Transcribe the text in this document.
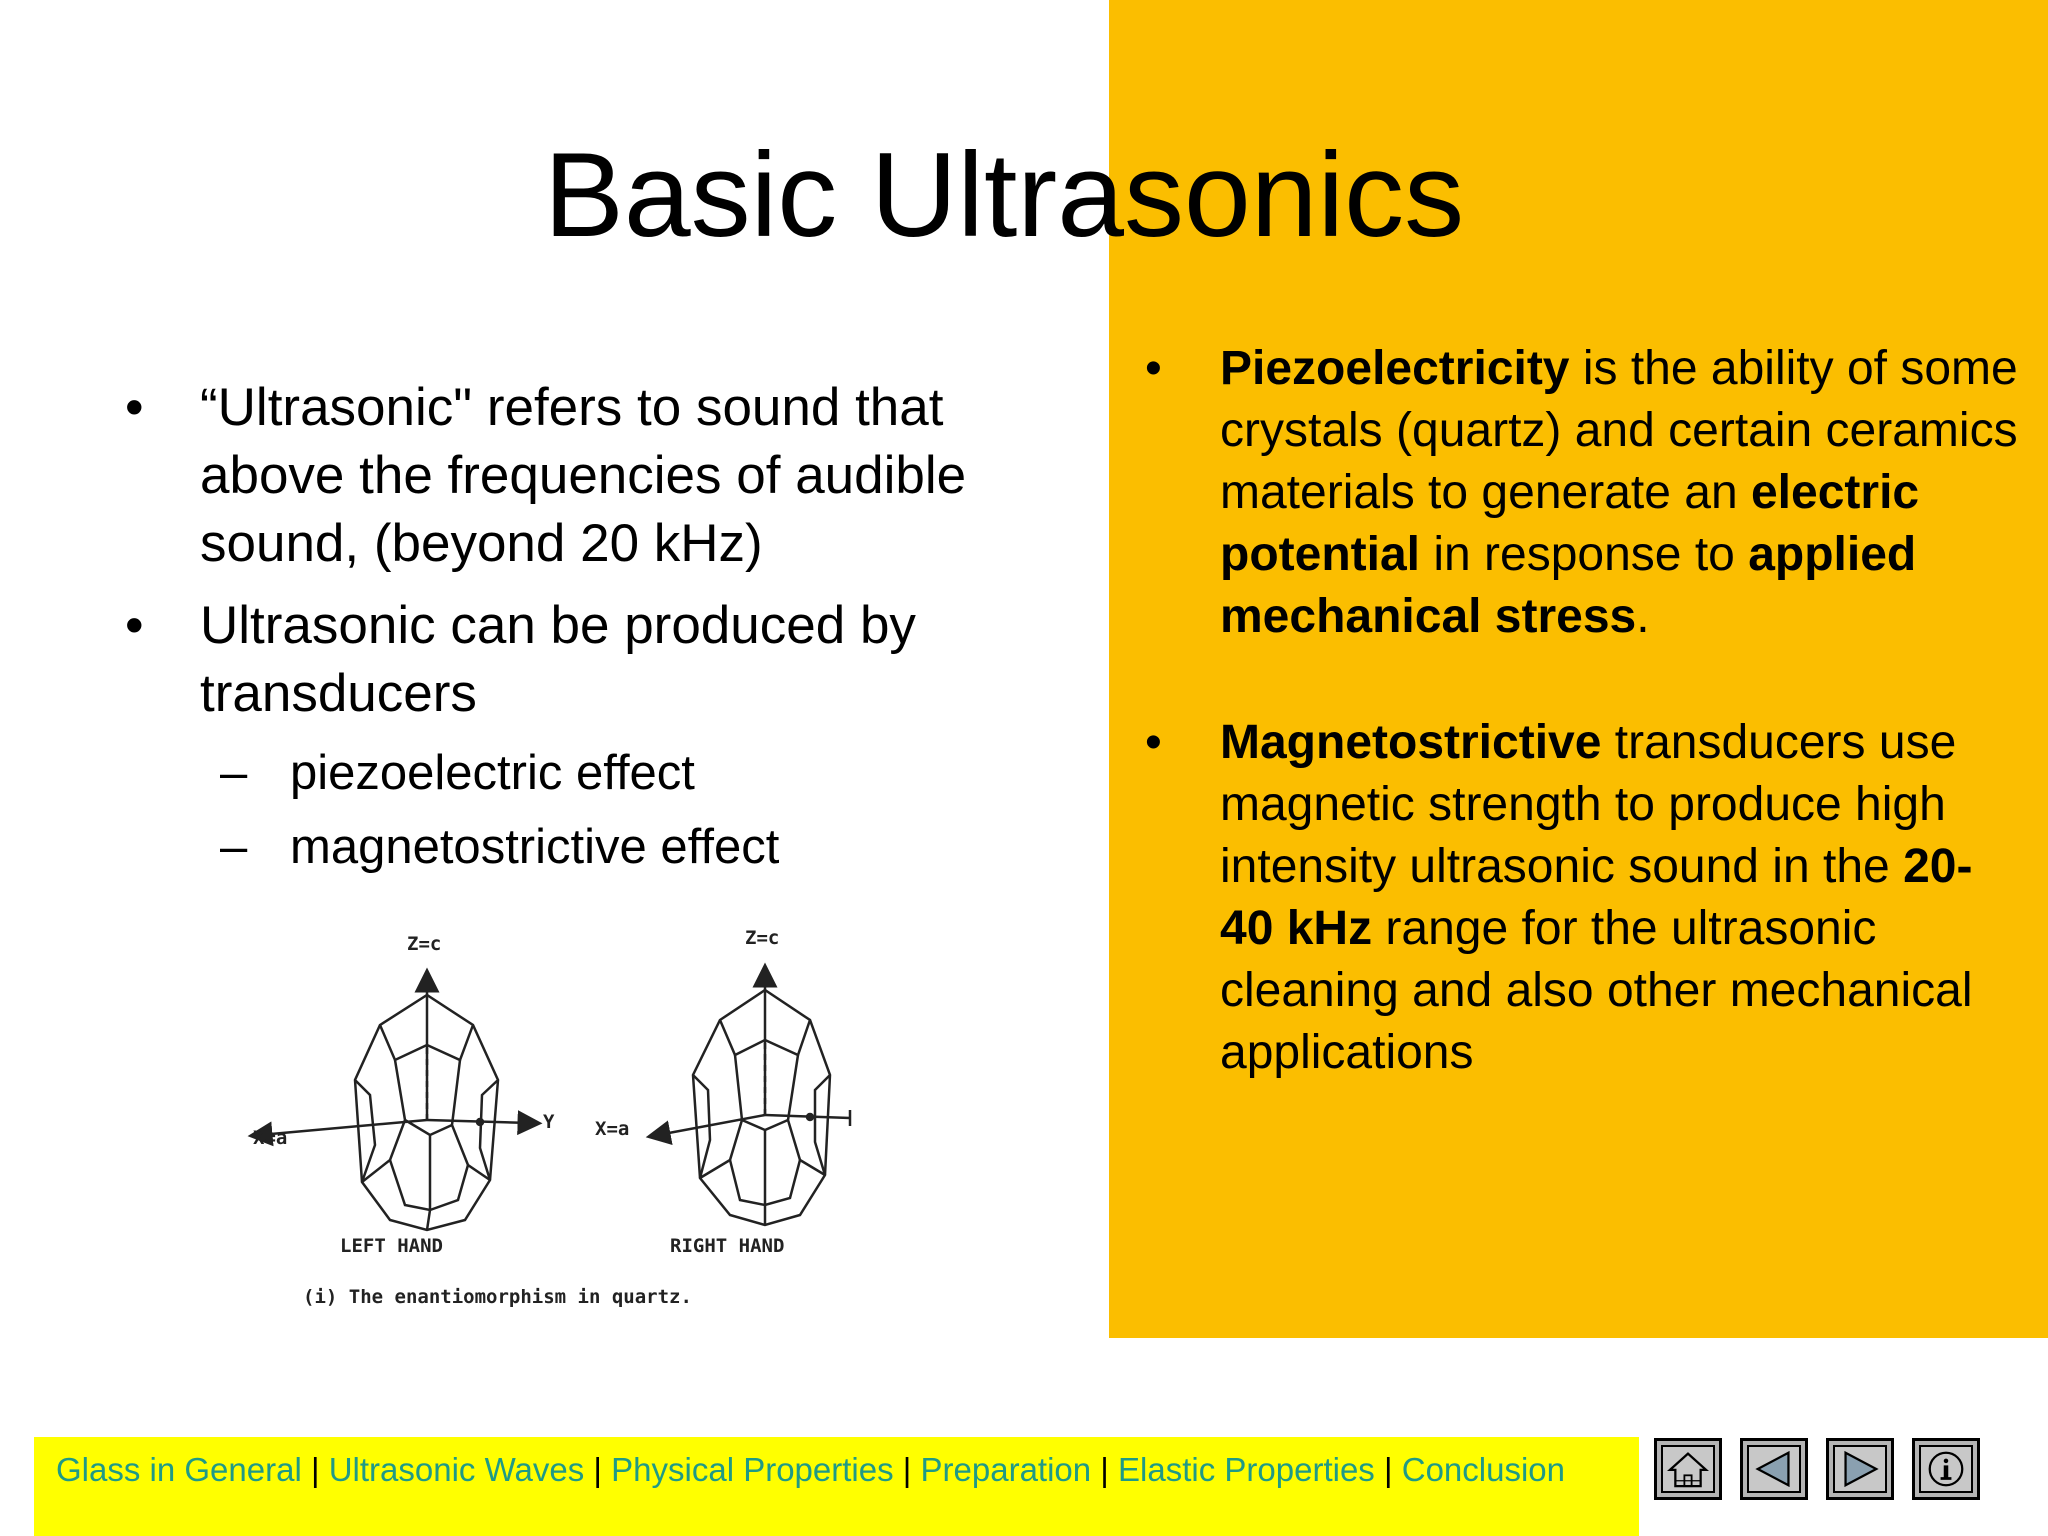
Basic Ultrasonics
• “Ultrasonic" refers to sound that above the frequencies of audible sound, (beyond 20 kHz)
• Ultrasonic can be produced by transducers
– piezoelectric effect
– magnetostrictive effect
• Piezoelectricity is the ability of some crystals (quartz) and certain ceramics materials to generate an electric potential in response to applied mechanical stress.
• Magnetostrictive transducers use magnetic strength to produce high intensity ultrasonic sound in the 20-40 kHz range for the ultrasonic cleaning and also other mechanical applications
Z=c
X=a
Y
Z=c
X=a
LEFT HAND	RIGHT HAND
(i) The enantiomorphism in quartz.
Glass in General | Ultrasonic Waves | Physical Properties | Preparation | Elastic Properties | Conclusion
